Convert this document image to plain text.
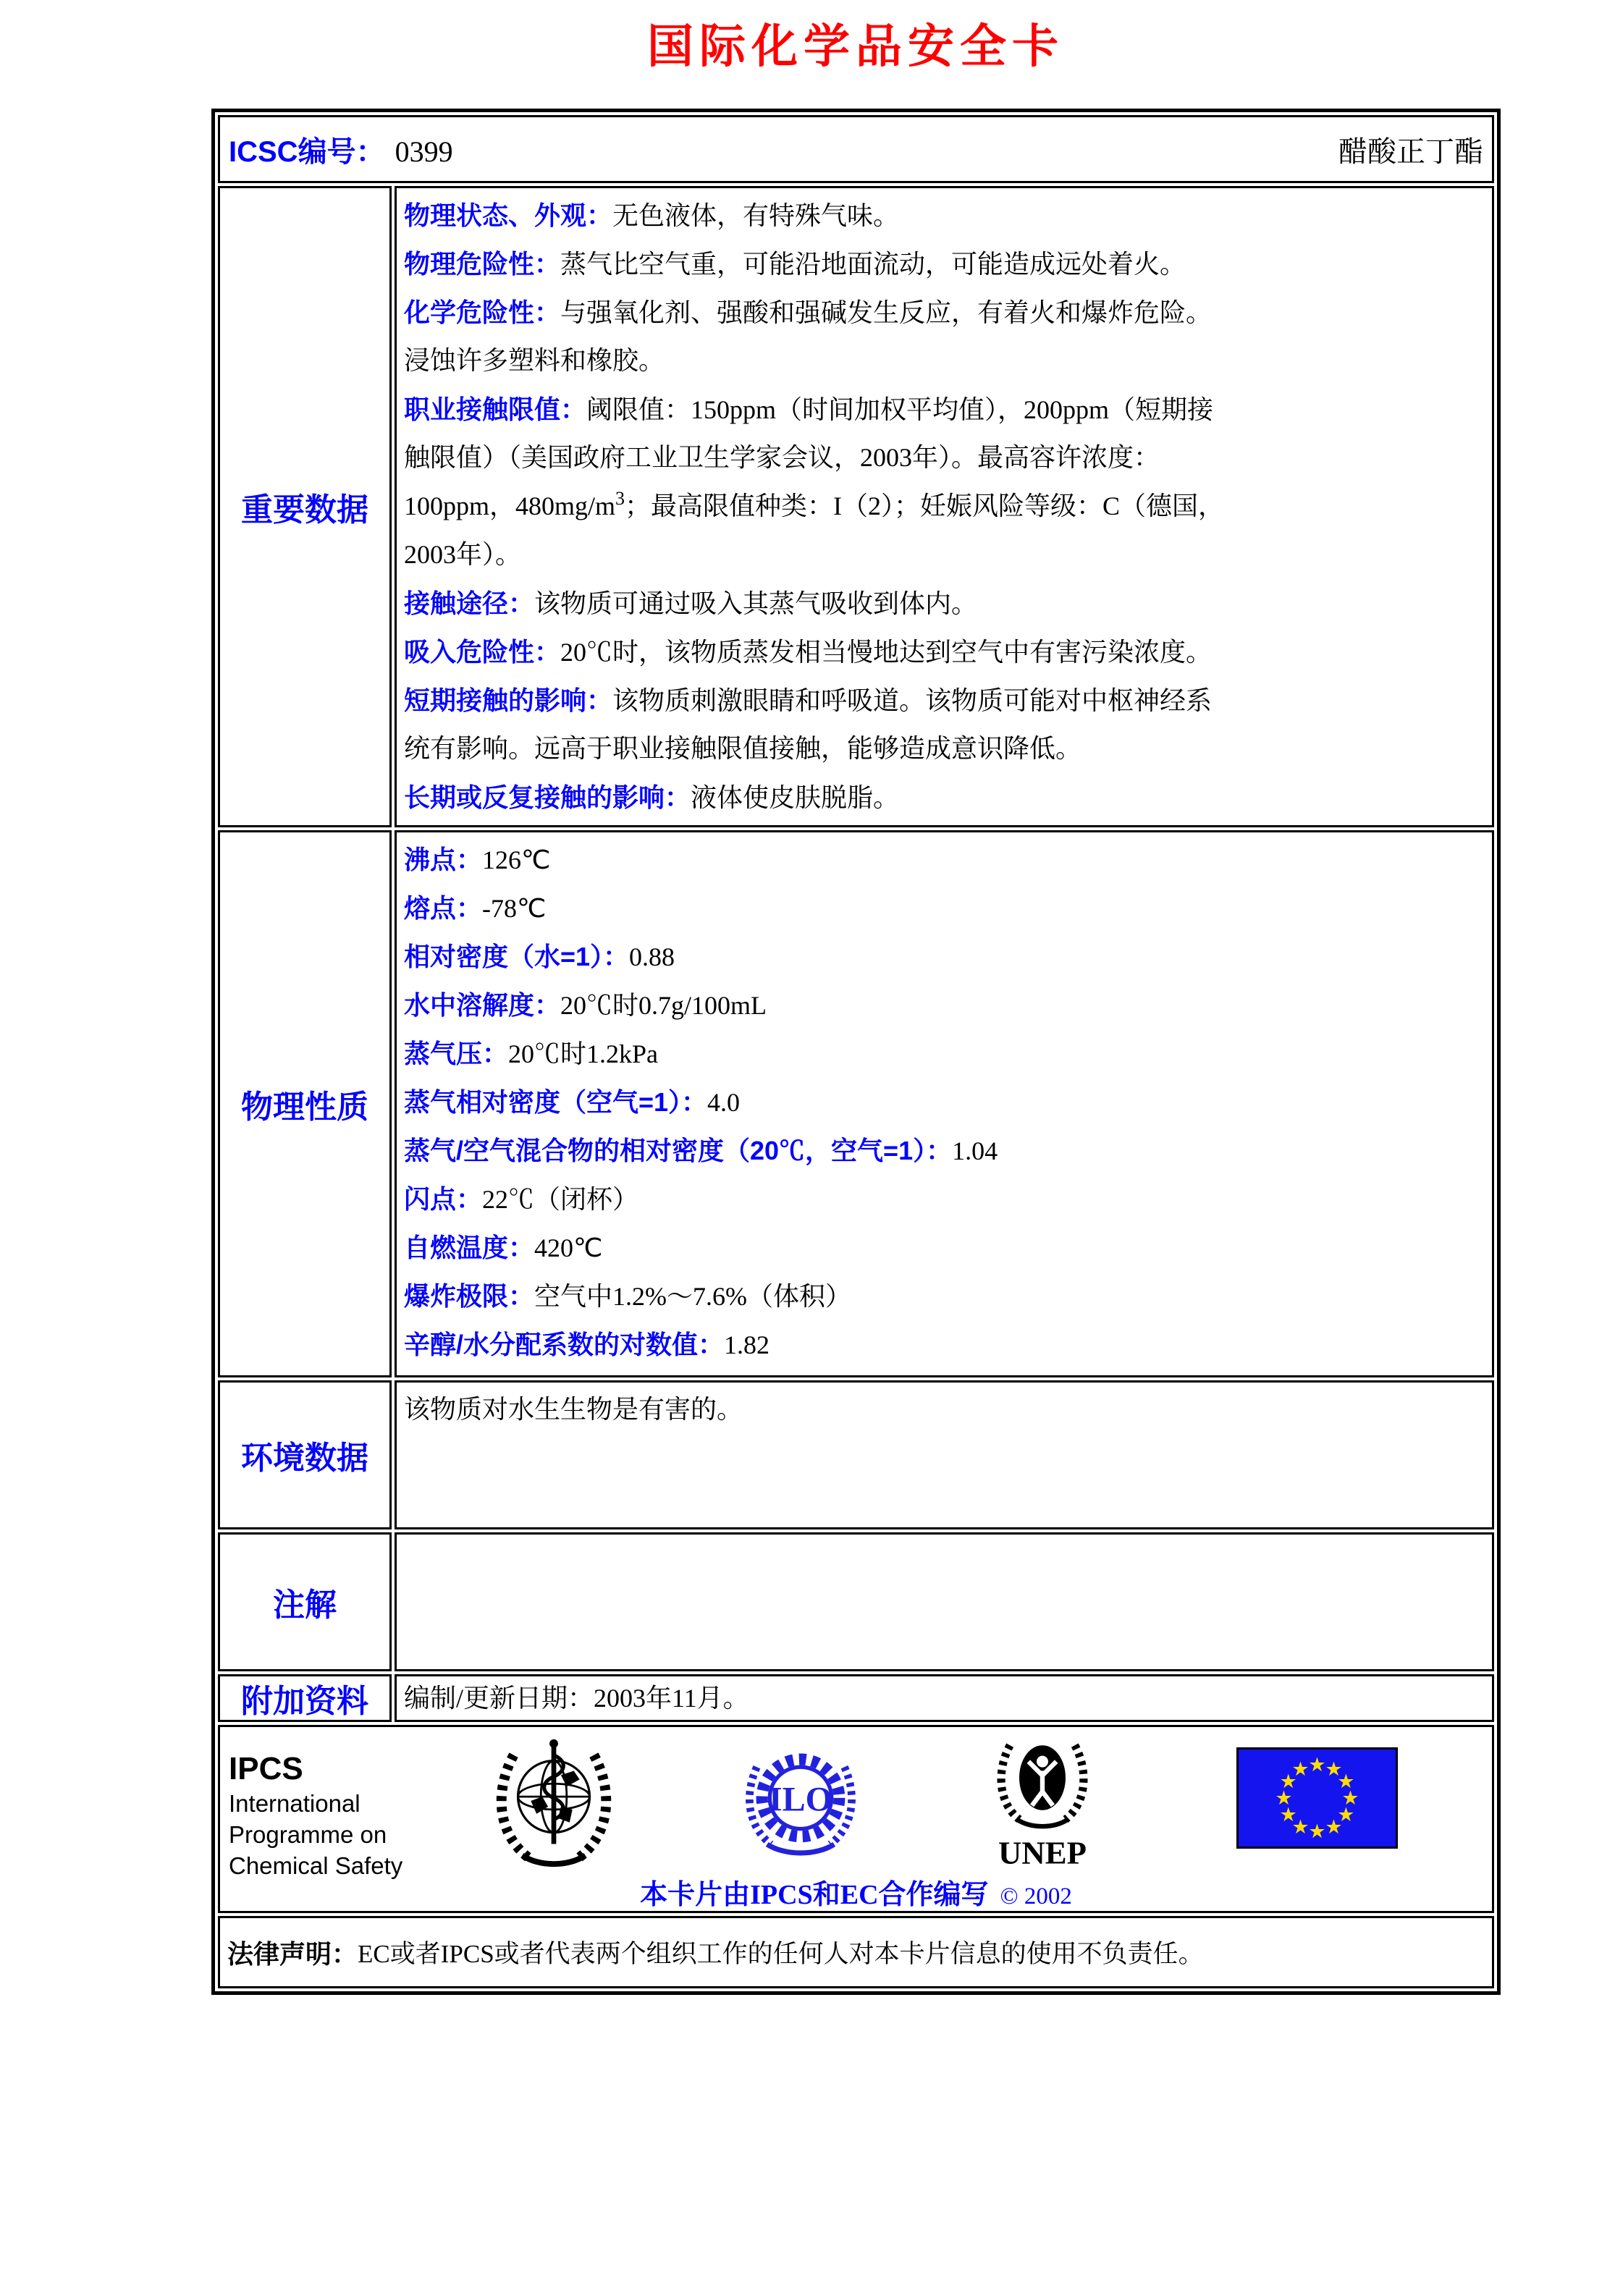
国际化学品安全卡
ICSC编号： 0399	醋酸正丁酯
重要数据
物理状态、外观：无色液体，有特殊气味。
物理危险性：蒸气比空气重，可能沿地面流动，可能造成远处着火。
化学危险性：与强氧化剂、强酸和强碱发生反应，有着火和爆炸危险。
浸蚀许多塑料和橡胶。
职业接触限值：阈限值：150ppm（时间加权平均值），200ppm（短期接
触限值）（美国政府工业卫生学家会议，2003年）。最高容许浓度：
100ppm，$480mg/m^3$；最高限值种类：I（2）；妊娠风险等级：C（德国，
2003年）。
接触途径：该物质可通过吸入其蒸气吸收到体内。
吸入危险性：20℃时，该物质蒸发相当慢地达到空气中有害污染浓度。
短期接触的影响：该物质刺激眼睛和呼吸道。该物质可能对中枢神经系
统有影响。远高于职业接触限值接触，能够造成意识降低。
长期或反复接触的影响：液体使皮肤脱脂。
物理性质
沸点：126℃
熔点：-78℃
相对密度（水=1）：0.88
水中溶解度：20℃时0.7g/100mL
蒸气压：20℃时1.2kPa
蒸气相对密度（空气=1）：4.0
蒸气/空气混合物的相对密度（20℃，空气=1）：1.04
闪点：22℃（闭杯）
自燃温度：420℃
爆炸极限：空气中1.2%～7.6%（体积）
辛醇/水分配系数的对数值：1.82
环境数据
该物质对水生生物是有害的。
注解
附加资料 编制/更新日期：2003年11月。
IPCS
International
Programme on
Chemical Safety
ILO
UNEP
★
★
★
★
★
★
★
★
★
★
★
★
本卡片由IPCS和EC合作编写 © 2002
法律声明： EC或者IPCS或者代表两个组织工作的任何人对本卡片信息的使用不负责任。
